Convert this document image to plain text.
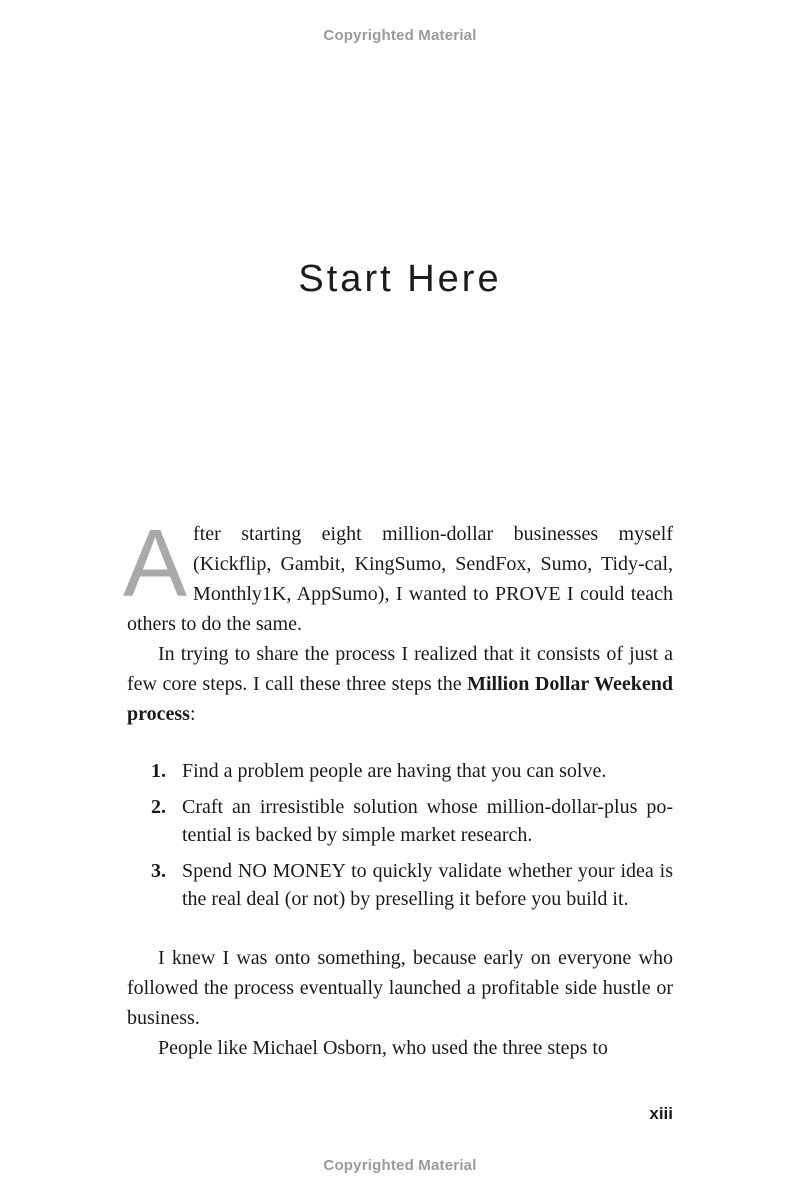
Copyrighted Material
Start Here

After starting eight million-dollar businesses myself (Kickflip, Gambit, KingSumo, SendFox, Sumo, Tidy-cal, Monthly1K, AppSumo), I wanted to PROVE I could teach others to do the same.

In trying to share the process I realized that it consists of just a few core steps. I call these three steps the Million Dollar Weekend process:

1. Find a problem people are having that you can solve.
2. Craft an irresistible solution whose million-dollar-plus po-tential is backed by simple market research.
3. Spend NO MONEY to quickly validate whether your idea is the real deal (or not) by preselling it before you build it.

I knew I was onto something, because early on everyone who followed the process eventually launched a profitable side hustle or business.

People like Michael Osborn, who used the three steps to

xiii
Copyrighted Material
